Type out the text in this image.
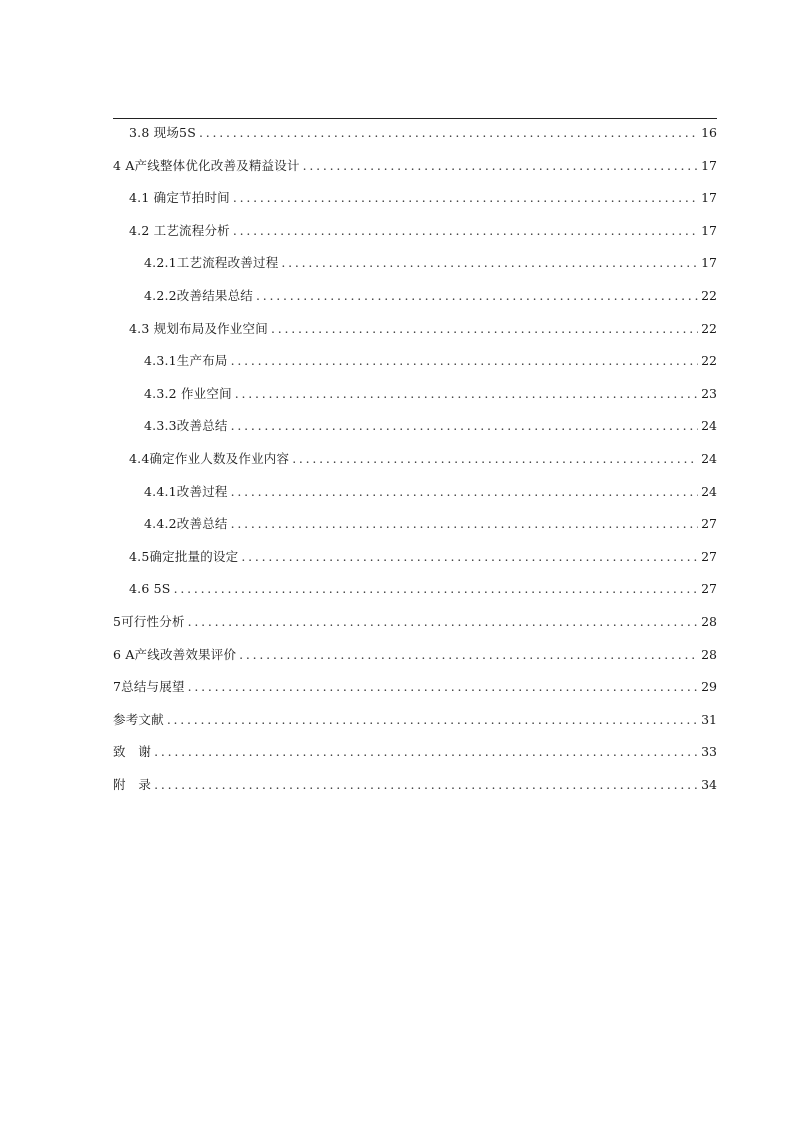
3.8 现场5S . . .	16
4 A产线整体优化改善及精益设计 . . .	17
4.1 确定节拍时间 . . .	17
4.2 工艺流程分析 . . .	17
4.2.1工艺流程改善过程 . . .	17
4.2.2改善结果总结 . . .	22
4.3 规划布局及作业空间 . . .	22
4.3.1生产布局 . . .	22
4.3.2 作业空间 . . .	23
4.3.3改善总结 . . .	24
4.4确定作业人数及作业内容 . . .	24
4.4.1改善过程 . . .	24
4.4.2改善总结 . . .	27
4.5确定批量的设定 . . .	27
4.6 5S . . .	27
5可行性分析 . . .	28
6 A产线改善效果评价 . . .	28
7总结与展望 . . .	29
参考文献 . . .	31
致　谢 . . .	33
附　录 . . .	34
